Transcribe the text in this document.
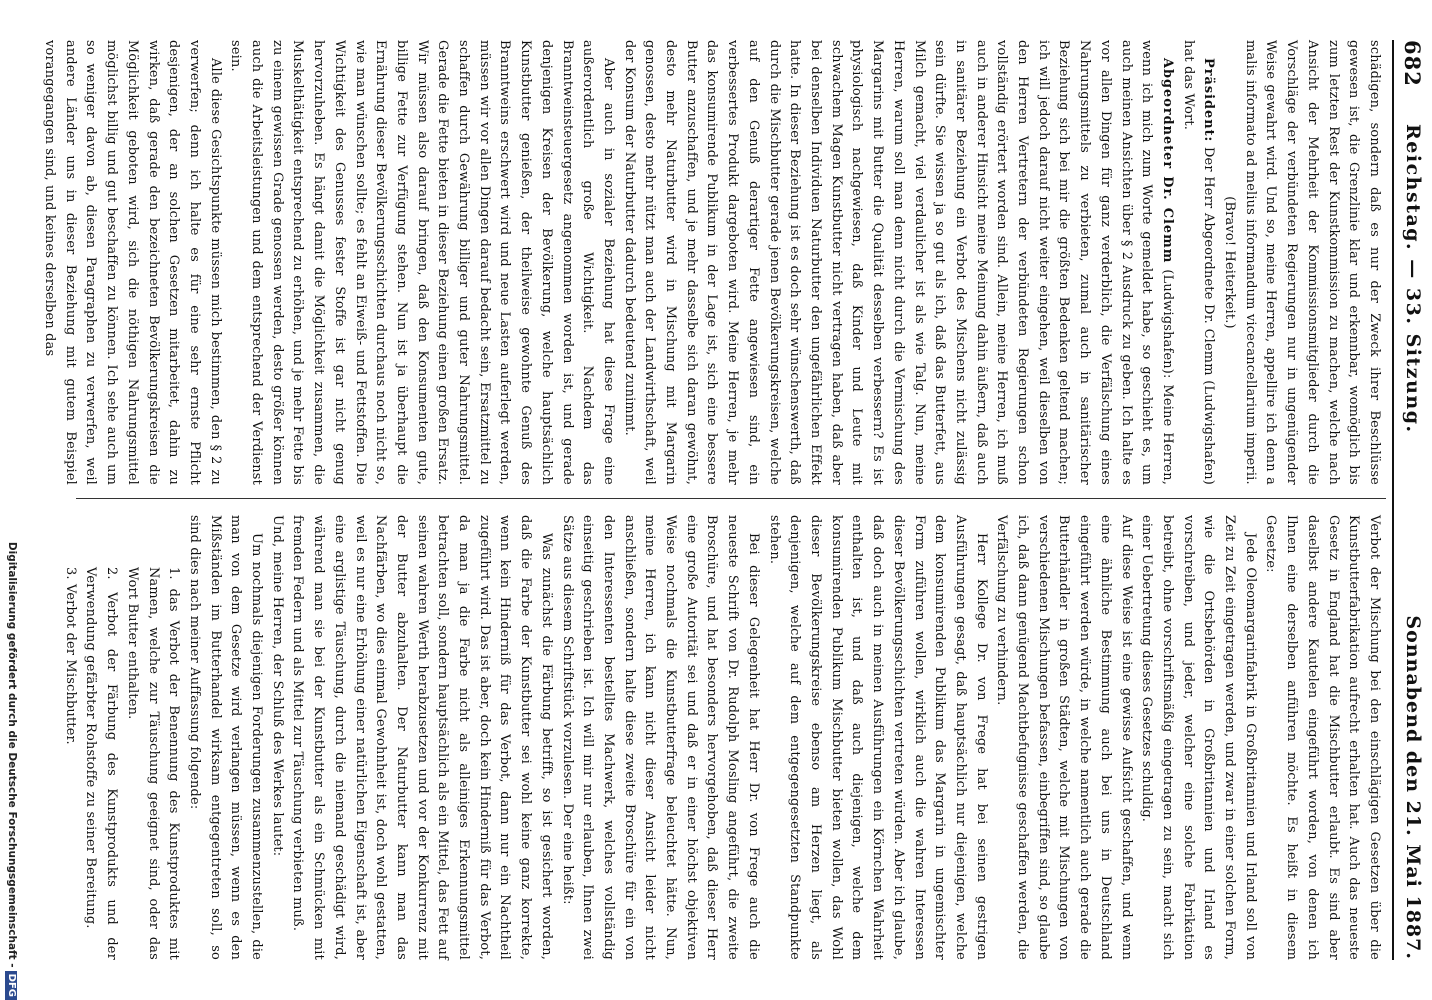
682
Reichstag. — 33. Sitzung.
Sonnabend den 21. Mai 1887.

schädigen, sondern daß es nur der Zweck ihrer Beschlüsse gewesen ist, die Grenzlinie klar und erkennbar, womöglich bis zum letzten Rest der Kunstkommission zu machen, welche nach Ansicht der Mehrheit der Kommissionsmitglieder durch die Vorschläge der verbündeten Regierungen nur in ungenügender Weise gewahrt wird. Und so, meine Herren, appellire ich denn a malis informato ad melius informandum vicecancellarium imperii.

(Bravo! Heiterkeit.)

Präsident: Der Herr Abgeordnete Dr. Clemm (Ludwigshafen) hat das Wort.

Abgeordneter Dr. Clemm (Ludwigshafen): Meine Herren, wenn ich mich zum Worte gemeldet habe, so geschieht es, um auch meinen Ansichten über § 2 Ausdruck zu geben. Ich halte es vor allen Dingen für ganz verderblich, die Verfälschung eines Nahrungsmittels zu verbieten, zumal auch in sanitärischer Beziehung sich bei mir die größten Bedenken geltend machen; ich will jedoch darauf nicht weiter eingehen, weil dieselben von den Herren Vertretern der verbündeten Regierungen schon vollständig erörtert worden sind. Allein, meine Herren, ich muß auch in anderer Hinsicht meine Meinung dahin äußern, daß auch in sanitärer Beziehung ein Verbot des Mischens nicht zulässig sein dürfte. Sie wissen ja so gut als ich, daß das Butterfett, aus Milch gemacht, viel verdaulicher ist als wie Talg. Nun, meine Herren, warum soll man denn nicht durch die Vermischung des Margarins mit Butter die Qualität desselben verbessern? Es ist physiologisch nachgewiesen, daß Kinder und Leute mit schwachem Magen Kunstbutter nicht vertragen haben, daß aber bei denselben Individuen Naturbutter den ungefährlichen Effekt hatte. In dieser Beziehung ist es doch sehr wünschenswerth, daß durch die Mischbutter gerade jenen Bevölkerungskreisen, welche auf den Genuß derartiger Fette angewiesen sind, ein verbessertes Produkt dargeboten wird. Meine Herren, je mehr das konsumirende Publikum in der Lage ist, sich eine bessere Butter anzuschaffen, und je mehr dasselbe sich daran gewöhnt, desto mehr Naturbutter wird in Mischung mit Margarin genossen, desto mehr nützt man auch der Landwirthschaft, weil der Konsum der Naturbutter dadurch bedeutend zunimmt.

Aber auch in sozialer Beziehung hat diese Frage eine außerordentlich große Wichtigkeit. Nachdem das Branntweinsteuergesetz angenommen worden ist, und gerade denjenigen Kreisen der Bevölkerung, welche hauptsächlich Kunstbutter genießen, der theilweise gewohnte Genuß des Branntweins erschwert wird und neue Lasten auferlegt werden, müssen wir vor allen Dingen darauf bedacht sein, Ersatzmittel zu schaffen durch Gewährung billiger und guter Nahrungsmittel. Gerade die Fette bieten in dieser Beziehung einen großen Ersatz. Wir müssen also darauf bringen, daß den Konsumenten gute, billige Fette zur Verfügung stehen. Nun ist ja überhaupt die Ernährung dieser Bevölkerungsschichten durchaus noch nicht so, wie man wünschen sollte; es fehlt an Eiweiß- und Fettstoffen. Die Wichtigkeit des Genusses fester Stoffe ist gar nicht genug hervorzuheben. Es hängt damit die Möglichkeit zusammen, die Muskelthätigkeit entsprechend zu erhöhen, und je mehr Fette bis zu einem gewissen Grade genossen werden, desto größer können auch die Arbeitsleistungen und dem entsprechend der Verdienst sein.

Alle diese Gesichtspunkte müssen mich bestimmen, den § 2 zu verwerfen; denn ich halte es für eine sehr ernste Pflicht desjenigen, der an solchen Gesetzen mitarbeitet, dahin zu wirken, daß gerade den bezeichneten Bevölkerungskreisen die Möglichkeit geboten wird, sich die nöthigen Nahrungsmittel möglichst billig und gut beschaffen zu können. Ich sehe auch um so weniger davon ab, diesen Paragraphen zu verwerfen, weil andere Länder uns in dieser Beziehung mit gutem Beispiel vorangegangen sind, und keines derselben das

Verbot der Mischung bei den einschlägigen Gesetzen über die Kunstbutterfabrikation aufrecht erhalten hat. Auch das neueste Gesetz in England hat die Mischbutter erlaubt. Es sind aber daselbst andere Kautelen eingeführt worden, von denen ich Ihnen eine derselben anführen möchte. Es heißt in diesem Gesetze:

Jede Oleomargarinfabrik in Großbritannien und Irland soll von Zeit zu Zeit eingetragen werden, und zwar in einer solchen Form, wie die Ortsbehörden in Großbritannien und Irland es vorschreiben, und jeder, welcher eine solche Fabrikation betreibt, ohne vorschriftsmäßig eingetragen zu sein, macht sich einer Uebertretung dieses Gesetzes schuldig.

Auf diese Weise ist eine gewisse Aufsicht geschaffen, und wenn eine ähnliche Bestimmung auch bei uns in Deutschland eingeführt werden würde, in welche namentlich auch gerade die Butterhändler in großen Städten, welche mit Mischungen von verschiedenen Mischungen befassen, einbegriffen sind, so glaube ich, daß dann genügend Machtbefugnisse geschaffen werden, die Verfälschung zu verhindern.

Herr Kollege Dr. von Frege hat bei seinen gestrigen Ausführungen gesagt, daß hauptsächlich nur diejenigen, welche dem konsumirenden Publikum das Margarin in ungemischter Form zuführen wollen, wirklich auch die wahren Interessen dieser Bevölkerungsschichten vertreten würden. Aber ich glaube, daß doch auch in meinen Ausführungen ein Körnchen Wahrheit enthalten ist, und daß auch diejenigen, welche dem konsumirenden Publikum Mischbutter bieten wollen, das Wohl dieser Bevölkerungskreise ebenso am Herzen liegt, als denjenigen, welche auf dem entgegengesetzten Standpunkte stehen.

Bei dieser Gelegenheit hat Herr Dr. von Frege auch die neueste Schrift von Dr. Rudolph Mosling angeführt, die zweite Broschüre, und hat besonders hervorgehoben, daß dieser Herr eine große Autorität sei und daß er in einer höchst objektiven Weise nochmals die Kunstbutterfrage beleuchtet hätte. Nun, meine Herren, ich kann nicht dieser Ansicht leider nicht anschließen, sondern halte diese zweite Broschüre für ein von den Interessenten bestelltes Machwerk, welches vollständig einseitig geschrieben ist. Ich will mir nur erlauben, Ihnen zwei Sätze aus diesem Schriftstück vorzulesen. Der eine heißt:

Was zunächst die Färbung betrifft, so ist gesichert worden, daß die Farbe der Kunstbutter sei wohl keine ganz korrekte, wenn kein Hinderniß für das Verbot, dann nur ein Nachtheil zugeführt wird. Das ist aber, doch kein Hinderniß für das Verbot, da man ja die Farbe nicht als alleiniges Erkennungsmittel betrachten soll, sondern hauptsächlich als ein Mittel, das Fett auf seinen wahren Werth herabzusetzen und vor der Konkurrenz mit der Butter abzuhalten. Der Naturbutter kann man das Nachfärben, wo dies einmal Gewohnheit ist, doch wohl gestatten, weil es nur eine Erhöhung einer natürlichen Eigenschaft ist, aber eine arglistige Täuschung, durch die niemand geschädigt wird, während man sie bei der Kunstbutter als ein Schmücken mit fremden Federn und als Mittel zur Täuschung verbieten muß.

Und, meine Herren, der Schluß des Werkes lautet:

Um nochmals diejenigen Forderungen zusammenzustellen, die man von dem Gesetze wird verlangen müssen, wenn es den Mißständen im Butterhandel wirksam entgegentreten soll, so sind dies nach meiner Auffassung folgende:

1. das Verbot der Benennung des Kunstproduktes mit Namen, welche zur Täuschung geeignet sind, oder das Wort Butter enthalten.

2. Verbot der Färbung des Kunstprodukts und der Verwendung gefärbter Rohstoffe zu seiner Bereitung.

3. Verbot der Mischbutter.

Digitalisierung gefördert durch die Deutsche Forschungsgemeinschaft -DFG
